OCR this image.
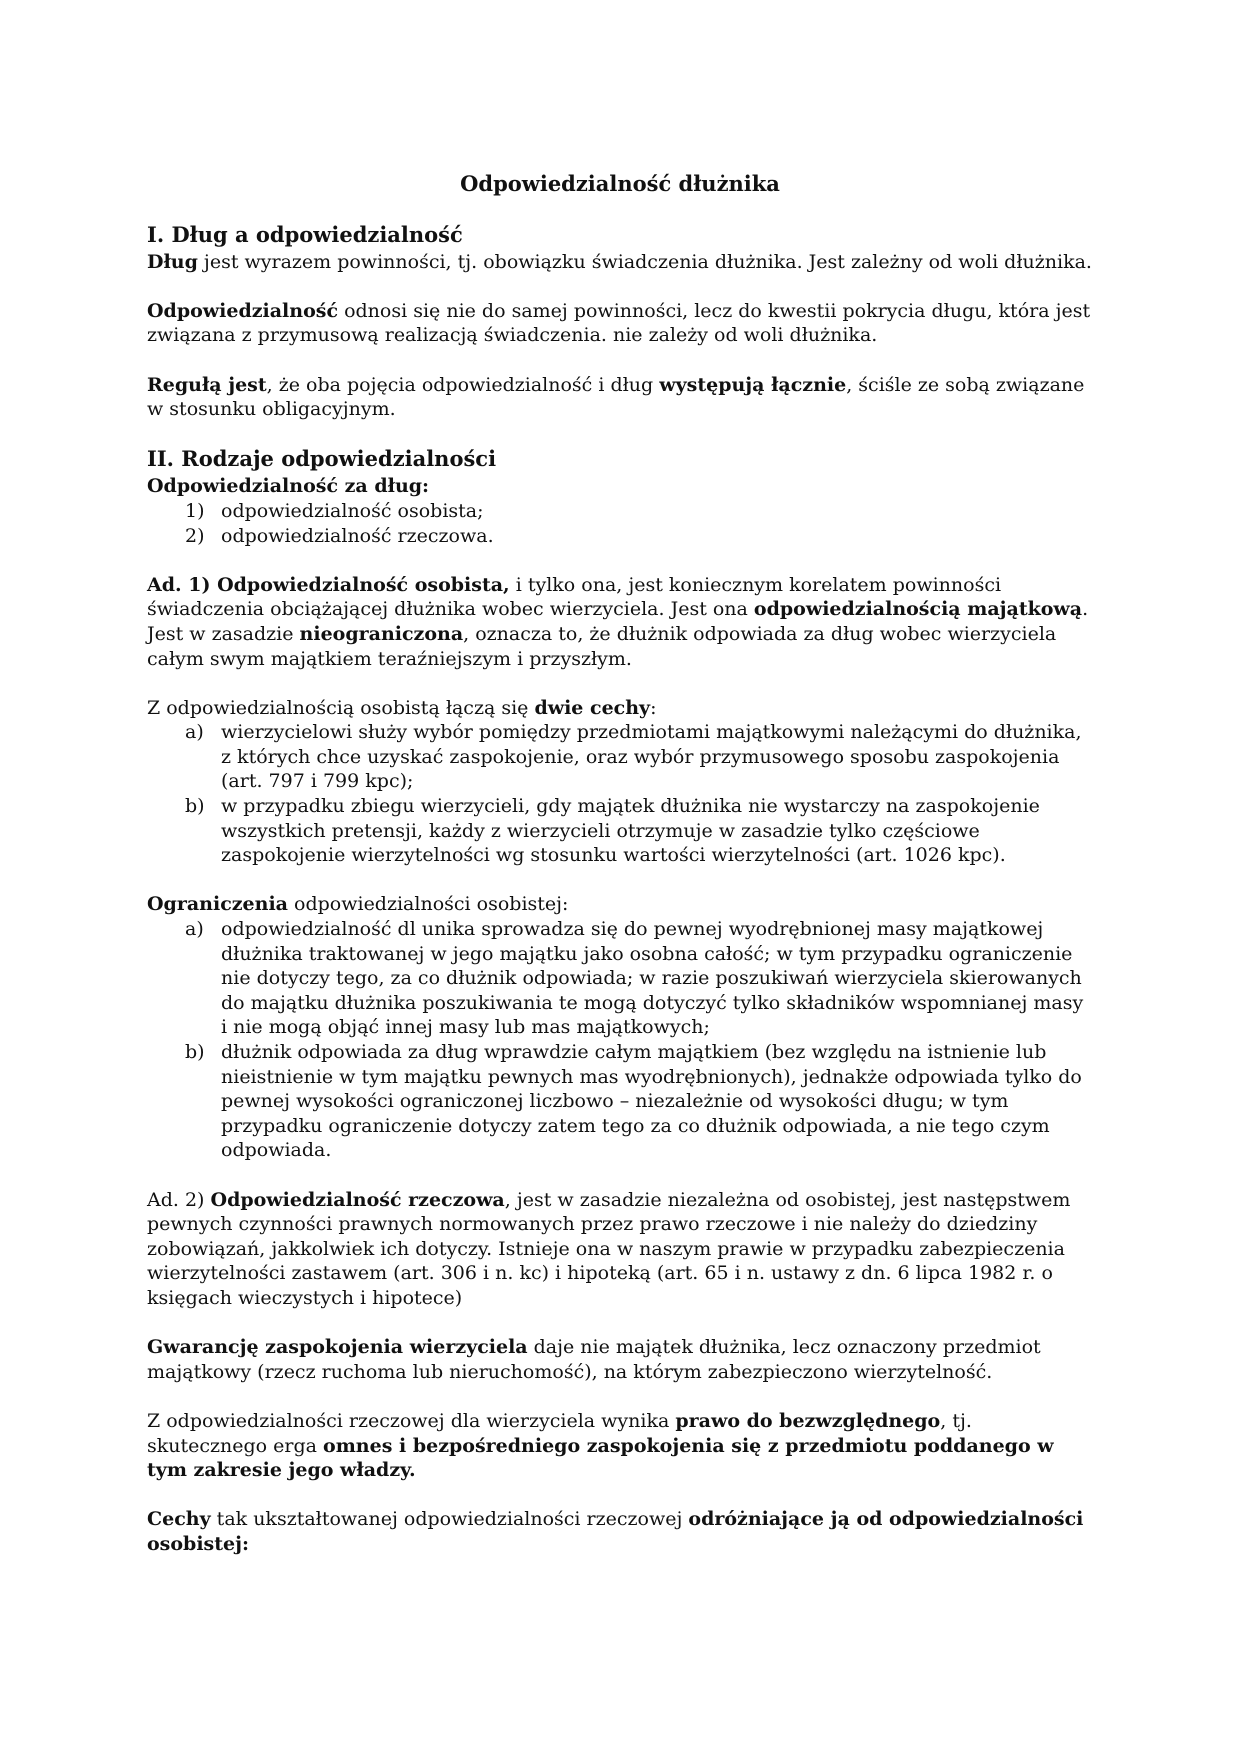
Odpowiedzialność dłużnika
I. Dług a odpowiedzialność

Dług jest wyrazem powinności, tj. obowiązku świadczenia dłużnika. Jest zależny od woli dłużnika.

Odpowiedzialność odnosi się nie do samej powinności, lecz do kwestii pokrycia długu, która jest związana z przymusową realizacją świadczenia. nie zależy od woli dłużnika.

Regułą jest, że oba pojęcia odpowiedzialność i dług występują łącznie, ściśle ze sobą związane w stosunku obligacyjnym.

II. Rodzaje odpowiedzialności

Odpowiedzialność za dług:

1) odpowiedzialność osobista;
2) odpowiedzialność rzeczowa.

Ad. 1) Odpowiedzialność osobista, i tylko ona, jest koniecznym korelatem powinności świadczenia obciążającej dłużnika wobec wierzyciela. Jest ona odpowiedzialnością majątkową. Jest w zasadzie nieograniczona, oznacza to, że dłużnik odpowiada za dług wobec wierzyciela całym swym majątkiem teraźniejszym i przyszłym.

Z odpowiedzialnością osobistą łączą się dwie cechy:

a) wierzycielowi służy wybór pomiędzy przedmiotami majątkowymi należącymi do dłużnika, z których chce uzyskać zaspokojenie, oraz wybór przymusowego sposobu zaspokojenia (art. 797 i 799 kpc);
b) w przypadku zbiegu wierzycieli, gdy majątek dłużnika nie wystarczy na zaspokojenie wszystkich pretensji, każdy z wierzycieli otrzymuje w zasadzie tylko częściowe zaspokojenie wierzytelności wg stosunku wartości wierzytelności (art. 1026 kpc).

Ograniczenia odpowiedzialności osobistej:

a) odpowiedzialność dl unika sprowadza się do pewnej wyodrębnionej masy majątkowej dłużnika traktowanej w jego majątku jako osobna całość; w tym przypadku ograniczenie nie dotyczy tego, za co dłużnik odpowiada; w razie poszukiwań wierzyciela skierowanych do majątku dłużnika poszukiwania te mogą dotyczyć tylko składników wspomnianej masy i nie mogą objąć innej masy lub mas majątkowych;
b) dłużnik odpowiada za dług wprawdzie całym majątkiem (bez względu na istnienie lub nieistnienie w tym majątku pewnych mas wyodrębnionych), jednakże odpowiada tylko do pewnej wysokości ograniczonej liczbowo – niezależnie od wysokości długu; w tym przypadku ograniczenie dotyczy zatem tego za co dłużnik odpowiada, a nie tego czym odpowiada.

Ad. 2) Odpowiedzialność rzeczowa, jest w zasadzie niezależna od osobistej, jest następstwem pewnych czynności prawnych normowanych przez prawo rzeczowe i nie należy do dziedziny zobowiązań, jakkolwiek ich dotyczy. Istnieje ona w naszym prawie w przypadku zabezpieczenia wierzytelności zastawem (art. 306 i n. kc) i hipoteką (art. 65 i n. ustawy z dn. 6 lipca 1982 r. o księgach wieczystych i hipotece)

Gwarancję zaspokojenia wierzyciela daje nie majątek dłużnika, lecz oznaczony przedmiot majątkowy (rzecz ruchoma lub nieruchomość), na którym zabezpieczono wierzytelność.

Z odpowiedzialności rzeczowej dla wierzyciela wynika prawo do bezwzględnego, tj. skutecznego erga omnes i bezpośredniego zaspokojenia się z przedmiotu poddanego w tym zakresie jego władzy.

Cechy tak ukształtowanej odpowiedzialności rzeczowej odróżniające ją od odpowiedzialności osobistej:
